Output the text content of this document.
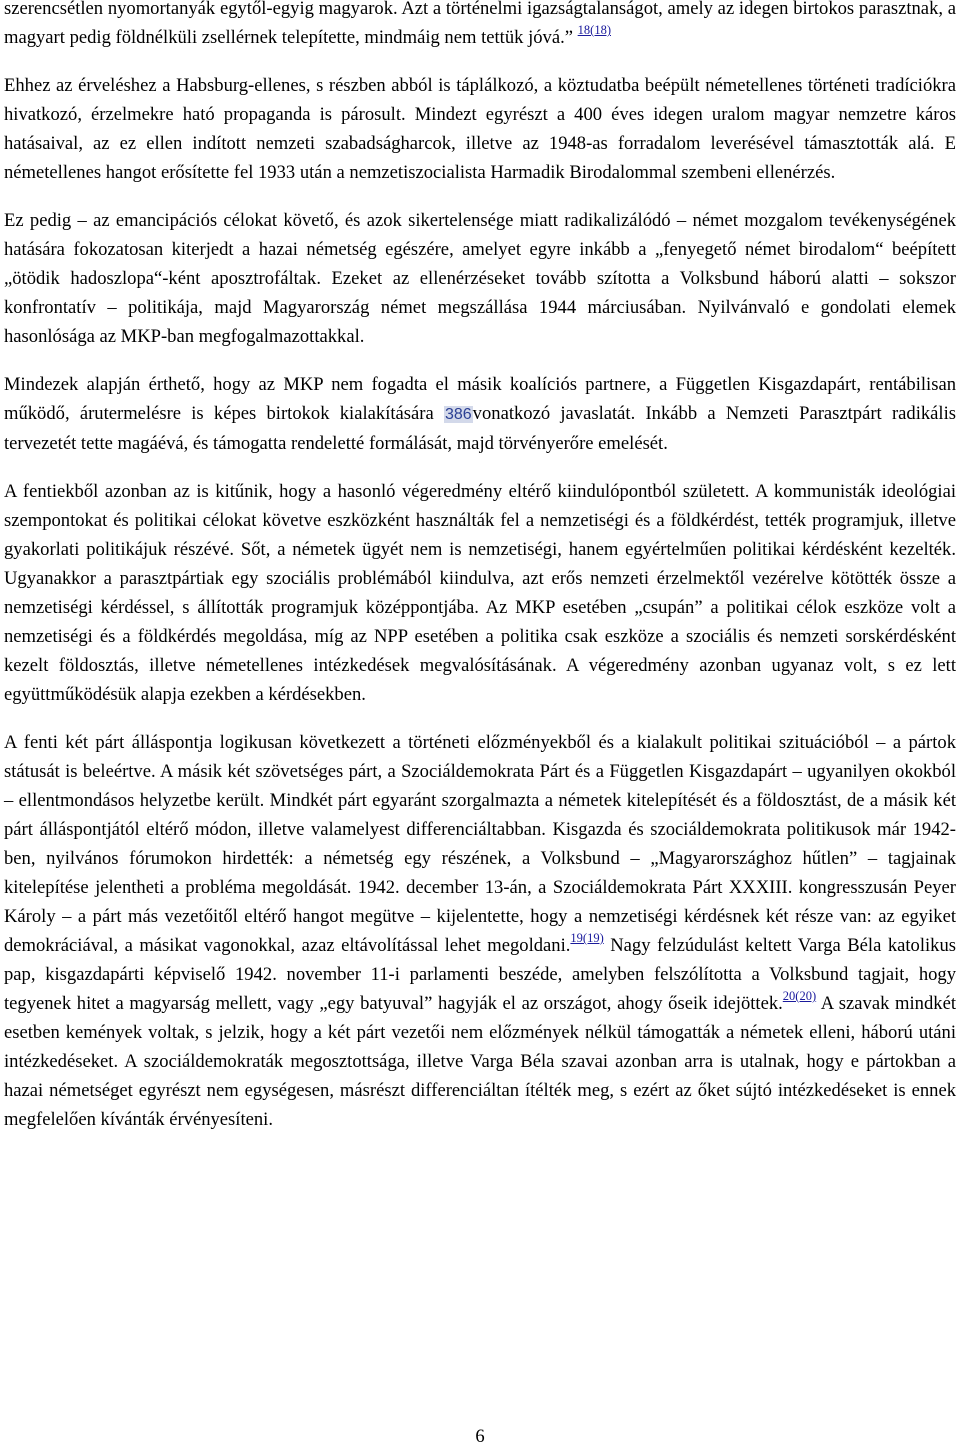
szerencsétlen nyomortanyák egytől-egyig magyarok. Azt a történelmi igazságtalanságot, amely az idegen birtokos parasztnak, a magyart pedig földnélküli zsellérnek telepítette, mindmáig nem tettük jóvá.” $^{18(18)}$

Ehhez az érveléshez a Habsburg-ellenes, s részben abból is táplálkozó, a köztudatba beépült németellenes történeti tradíciókra hivatkozó, érzelmekre ható propaganda is párosult. Mindezt egyrészt a 400 éves idegen uralom magyar nemzetre káros hatásaival, az ez ellen indított nemzeti szabadságharcok, illetve az 1948-as forradalom leverésével támasztották alá. E németellenes hangot erősítette fel 1933 után a nemzetiszocialista Harmadik Birodalommal szembeni ellenérzés.

Ez pedig – az emancipációs célokat követő, és azok sikertelensége miatt radikalizálódó – német mozgalom tevékenységének hatására fokozatosan kiterjedt a hazai németség egészére, amelyet egyre inkább a „fenyegető német birodalom“ beépített „ötödik hadoszlopa“-ként aposztrofáltak. Ezeket az ellenérzéseket tovább szította a Volksbund háború alatti – sokszor konfrontatív – politikája, majd Magyarország német megszállása 1944 márciusában. Nyilvánvaló e gondolati elemek hasonlósága az MKP-ban megfogalmazottakkal.

Mindezek alapján érthető, hogy az MKP nem fogadta el másik koalíciós partnere, a Független Kisgazdapárt, rentábilisan működő, árutermelésre is képes birtokok kialakítására 386vonatkozó javaslatát. Inkább a Nemzeti Parasztpárt radikális tervezetét tette magáévá, és támogatta rendeletté formálását, majd törvényerőre emelését.

A fentiekből azonban az is kitűnik, hogy a hasonló végeredmény eltérő kiindulópontból született. A kommunisták ideológiai szempontokat és politikai célokat követve eszközként használták fel a nemzetiségi és a földkérdést, tették programjuk, illetve gyakorlati politikájuk részévé. Sőt, a németek ügyét nem is nemzetiségi, hanem egyértelműen politikai kérdésként kezelték. Ugyanakkor a parasztpártiak egy szociális problémából kiindulva, azt erős nemzeti érzelmektől vezérelve kötötték össze a nemzetiségi kérdéssel, s állították programjuk középpontjába. Az MKP esetében „csupán” a politikai célok eszköze volt a nemzetiségi és a földkérdés megoldása, míg az NPP esetében a politika csak eszköze a szociális és nemzeti sorskérdésként kezelt földosztás, illetve németellenes intézkedések megvalósításának. A végeredmény azonban ugyanaz volt, s ez lett együttműködésük alapja ezekben a kérdésekben.

A fenti két párt álláspontja logikusan következett a történeti előzményekből és a kialakult politikai szituációból – a pártok státusát is beleértve. A másik két szövetséges párt, a Szociáldemokrata Párt és a Független Kisgazdapárt – ugyanilyen okokból – ellentmondásos helyzetbe került. Mindkét párt egyaránt szorgalmazta a németek kitelepítését és a földosztást, de a másik két párt álláspontjától eltérő módon, illetve valamelyest differenciáltabban. Kisgazda és szociáldemokrata politikusok már 1942-ben, nyilvános fórumokon hirdették: a németség egy részének, a Volksbund – „Magyarországhoz hűtlen” – tagjainak kitelepítése jelentheti a probléma megoldását. 1942. december 13-án, a Szociáldemokrata Párt XXXIII. kongresszusán Peyer Károly – a párt más vezetőitől eltérő hangot megütve – kijelentette, hogy a nemzetiségi kérdésnek két része van: az egyiket demokráciával, a másikat vagonokkal, azaz eltávolítással lehet megoldani.$^{19(19)}$ Nagy felzúdulást keltett Varga Béla katolikus pap, kisgazdapárti képviselő 1942. november 11-i parlamenti beszéde, amelyben felszólította a Volksbund tagjait, hogy tegyenek hitet a magyarság mellett, vagy „egy batyuval” hagyják el az országot, ahogy őseik idejöttek.$^{20(20)}$ A szavak mindkét esetben kemények voltak, s jelzik, hogy a két párt vezetői nem előzmények nélkül támogatták a németek elleni, háború utáni intézkedéseket. A szociáldemokraták megosztottsága, illetve Varga Béla szavai azonban arra is utalnak, hogy e pártokban a hazai németséget egyrészt nem egységesen, másrészt differenciáltan ítélték meg, s ezért az őket sújtó intézkedéseket is ennek megfelelően kívánták érvényesíteni.

6
